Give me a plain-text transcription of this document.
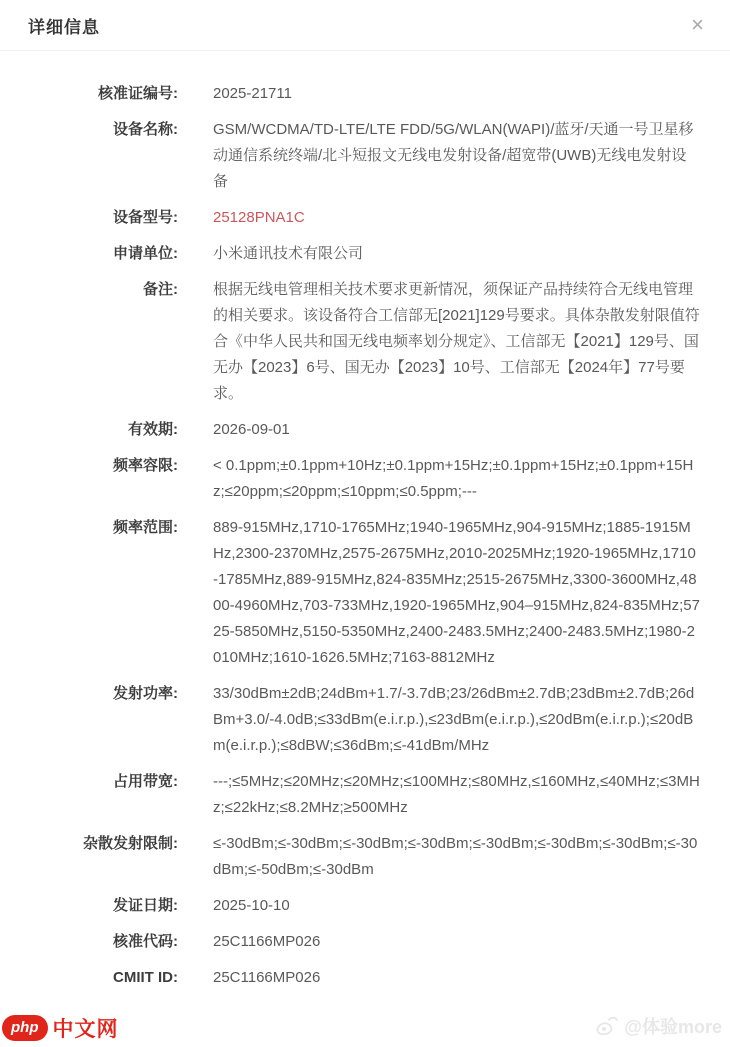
详细信息	×
核准证编号: 2025-21711
设备名称: GSM/WCDMA/TD-LTE/LTE FDD/5G/WLAN(WAPI)/蓝牙/天通一号卫星移动通信系统终端/北斗短报文无线电发射设备/超宽带(UWB)无线电发射设备
设备型号: 25128PNA1C
申请单位: 小米通讯技术有限公司
备注: 根据无线电管理相关技术要求更新情况，须保证产品持续符合无线电管理的相关要求。该设备符合工信部无[2021]129号要求。具体杂散发射限值符合《中华人民共和国无线电频率划分规定》、工信部无【2021】129号、国无办【2023】6号、国无办【2023】10号、工信部无【2024年】77号要求。
有效期: 2026-09-01
频率容限: < 0.1ppm;±0.1ppm+10Hz;±0.1ppm+15Hz;±0.1ppm+15Hz;±0.1ppm+15Hz;≤20ppm;≤20ppm;≤10ppm;≤0.5ppm;---
频率范围: 889-915MHz,1710-1765MHz;1940-1965MHz,904-915MHz;1885-1915MHz,2300-2370MHz,2575-2675MHz,2010-2025MHz;1920-1965MHz,1710-1785MHz,889-915MHz,824-835MHz;2515-2675MHz,3300-3600MHz,4800-4960MHz,703-733MHz,1920-1965MHz,904–915MHz,824-835MHz;5725-5850MHz,5150-5350MHz,2400-2483.5MHz;2400-2483.5MHz;1980-2010MHz;1610-1626.5MHz;7163-8812MHz
发射功率: 33/30dBm±2dB;24dBm+1.7/-3.7dB;23/26dBm±2.7dB;23dBm±2.7dB;26dBm+3.0/-4.0dB;≤33dBm(e.i.r.p.),≤23dBm(e.i.r.p.),≤20dBm(e.i.r.p.);≤20dBm(e.i.r.p.);≤8dBW;≤36dBm;≤-41dBm/MHz
占用带宽: ---;≤5MHz;≤20MHz;≤20MHz;≤100MHz;≤80MHz,≤160MHz,≤40MHz;≤3MHz;≤22kHz;≤8.2MHz;≥500MHz
杂散发射限制: ≤-30dBm;≤-30dBm;≤-30dBm;≤-30dBm;≤-30dBm;≤-30dBm;≤-30dBm;≤-30dBm;≤-50dBm;≤-30dBm
发证日期: 2025-10-10
核准代码: 25C1166MP026
CMIIT ID: 25C1166MP026
php 中文网	@体验more
